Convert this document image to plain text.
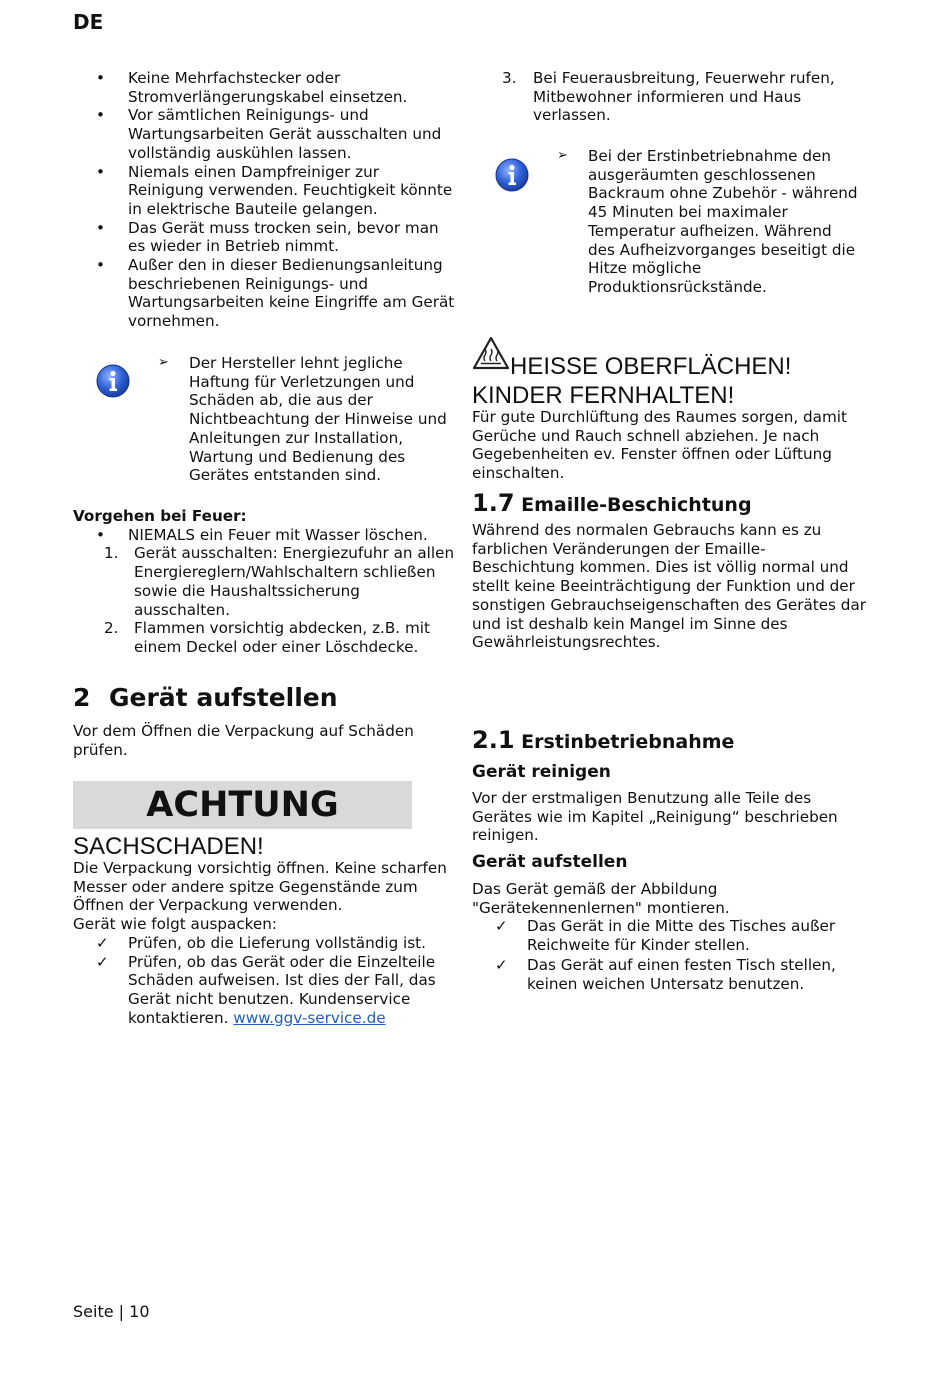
DE
• Keine Mehrfachstecker oder Stromverlängerungskabel einsetzen.
• Vor sämtlichen Reinigungs- und Wartungsarbeiten Gerät ausschalten und vollständig auskühlen lassen.
• Niemals einen Dampfreiniger zur Reinigung verwenden. Feuchtigkeit könnte in elektrische Bauteile gelangen.
• Das Gerät muss trocken sein, bevor man es wieder in Betrieb nimmt.
• Außer den in dieser Bedienungsanleitung beschriebenen Reinigungs- und Wartungsarbeiten keine Eingriffe am Gerät vornehmen.
➢ Der Hersteller lehnt jegliche Haftung für Verletzungen und Schäden ab, die aus der Nichtbeachtung der Hinweise und Anleitungen zur Installation, Wartung und Bedienung des Gerätes entstanden sind.
Vorgehen bei Feuer:
• NIEMALS ein Feuer mit Wasser löschen.
1. Gerät ausschalten: Energiezufuhr an allen Energiereglern/Wahlschaltern schließen sowie die Haushaltssicherung ausschalten.
2. Flammen vorsichtig abdecken, z.B. mit einem Deckel oder einer Löschdecke.
2 Gerät aufstellen
Vor dem Öffnen die Verpackung auf Schäden prüfen.
ACHTUNG
SACHSCHADEN!
Die Verpackung vorsichtig öffnen. Keine scharfen Messer oder andere spitze Gegenstände zum Öffnen der Verpackung verwenden.
Gerät wie folgt auspacken:
✓ Prüfen, ob die Lieferung vollständig ist.
✓ Prüfen, ob das Gerät oder die Einzelteile Schäden aufweisen. Ist dies der Fall, das Gerät nicht benutzen. Kundenservice kontaktieren. www.ggv-service.de
3. Bei Feuerausbreitung, Feuerwehr rufen, Mitbewohner informieren und Haus verlassen.
➢ Bei der Erstinbetriebnahme den ausgeräumten geschlossenen Backraum ohne Zubehör - während 45 Minuten bei maximaler Temperatur aufheizen. Während des Aufheizvorganges beseitigt die Hitze mögliche Produktionsrückstände.
HEISSE OBERFLÄCHEN!
KINDER FERNHALTEN!
Für gute Durchlüftung des Raumes sorgen, damit Gerüche und Rauch schnell abziehen. Je nach Gegebenheiten ev. Fenster öffnen oder Lüftung einschalten.
1.7 Emaille-Beschichtung
Während des normalen Gebrauchs kann es zu farblichen Veränderungen der Emaille-Beschichtung kommen. Dies ist völlig normal und stellt keine Beeinträchtigung der Funktion und der sonstigen Gebrauchseigenschaften des Gerätes dar und ist deshalb kein Mangel im Sinne des Gewährleistungsrechtes.
2.1 Erstinbetriebnahme
Gerät reinigen
Vor der erstmaligen Benutzung alle Teile des Gerätes wie im Kapitel „Reinigung“ beschrieben reinigen.
Gerät aufstellen
Das Gerät gemäß der Abbildung "Gerätekennenlernen" montieren.
✓ Das Gerät in die Mitte des Tisches außer Reichweite für Kinder stellen.
✓ Das Gerät auf einen festen Tisch stellen, keinen weichen Untersatz benutzen.
Seite | 10
